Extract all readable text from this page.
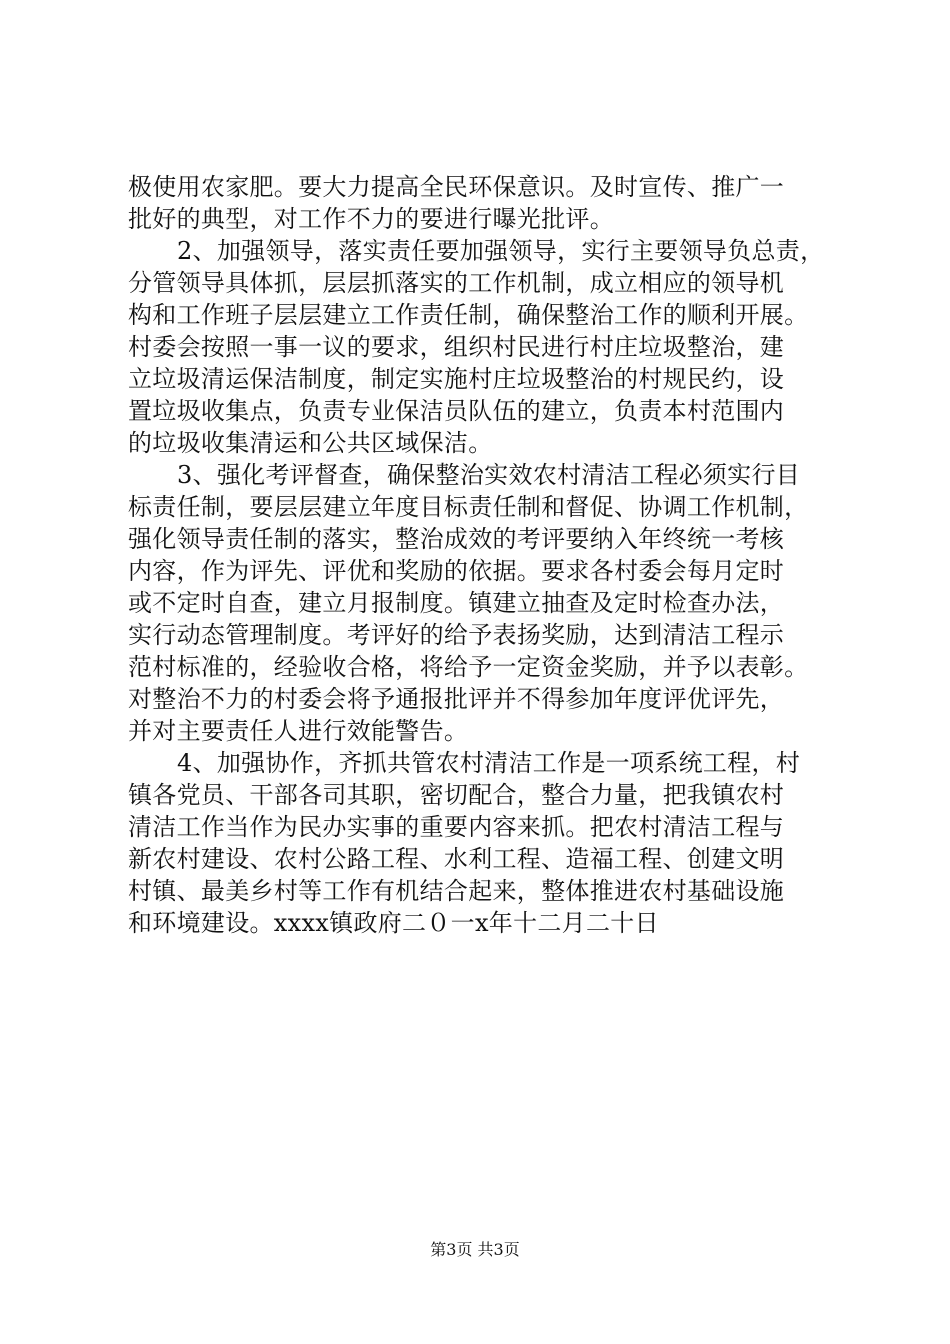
极使用农家肥。要大力提高全民环保意识。及时宣传、推广一
批好的典型，对工作不力的要进行曝光批评。
2、加强领导，落实责任要加强领导，实行主要领导负总责，
分管领导具体抓，层层抓落实的工作机制，成立相应的领导机
构和工作班子层层建立工作责任制，确保整治工作的顺利开展。
村委会按照一事一议的要求，组织村民进行村庄垃圾整治，建
立垃圾清运保洁制度，制定实施村庄垃圾整治的村规民约，设
置垃圾收集点，负责专业保洁员队伍的建立，负责本村范围内
的垃圾收集清运和公共区域保洁。
3、强化考评督查，确保整治实效农村清洁工程必须实行目
标责任制，要层层建立年度目标责任制和督促、协调工作机制，
强化领导责任制的落实，整治成效的考评要纳入年终统一考核
内容，作为评先、评优和奖励的依据。要求各村委会每月定时
或不定时自查，建立月报制度。镇建立抽查及定时检查办法，
实行动态管理制度。考评好的给予表扬奖励，达到清洁工程示
范村标准的，经验收合格，将给予一定资金奖励，并予以表彰。
对整治不力的村委会将予通报批评并不得参加年度评优评先，
并对主要责任人进行效能警告。
4、加强协作，齐抓共管农村清洁工作是一项系统工程，村
镇各党员、干部各司其职，密切配合，整合力量，把我镇农村
清洁工作当作为民办实事的重要内容来抓。把农村清洁工程与
新农村建设、农村公路工程、水利工程、造福工程、创建文明
村镇、最美乡村等工作有机结合起来，整体推进农村基础设施
和环境建设。xxxx镇政府二０一x年十二月二十日
第3页 共3页
